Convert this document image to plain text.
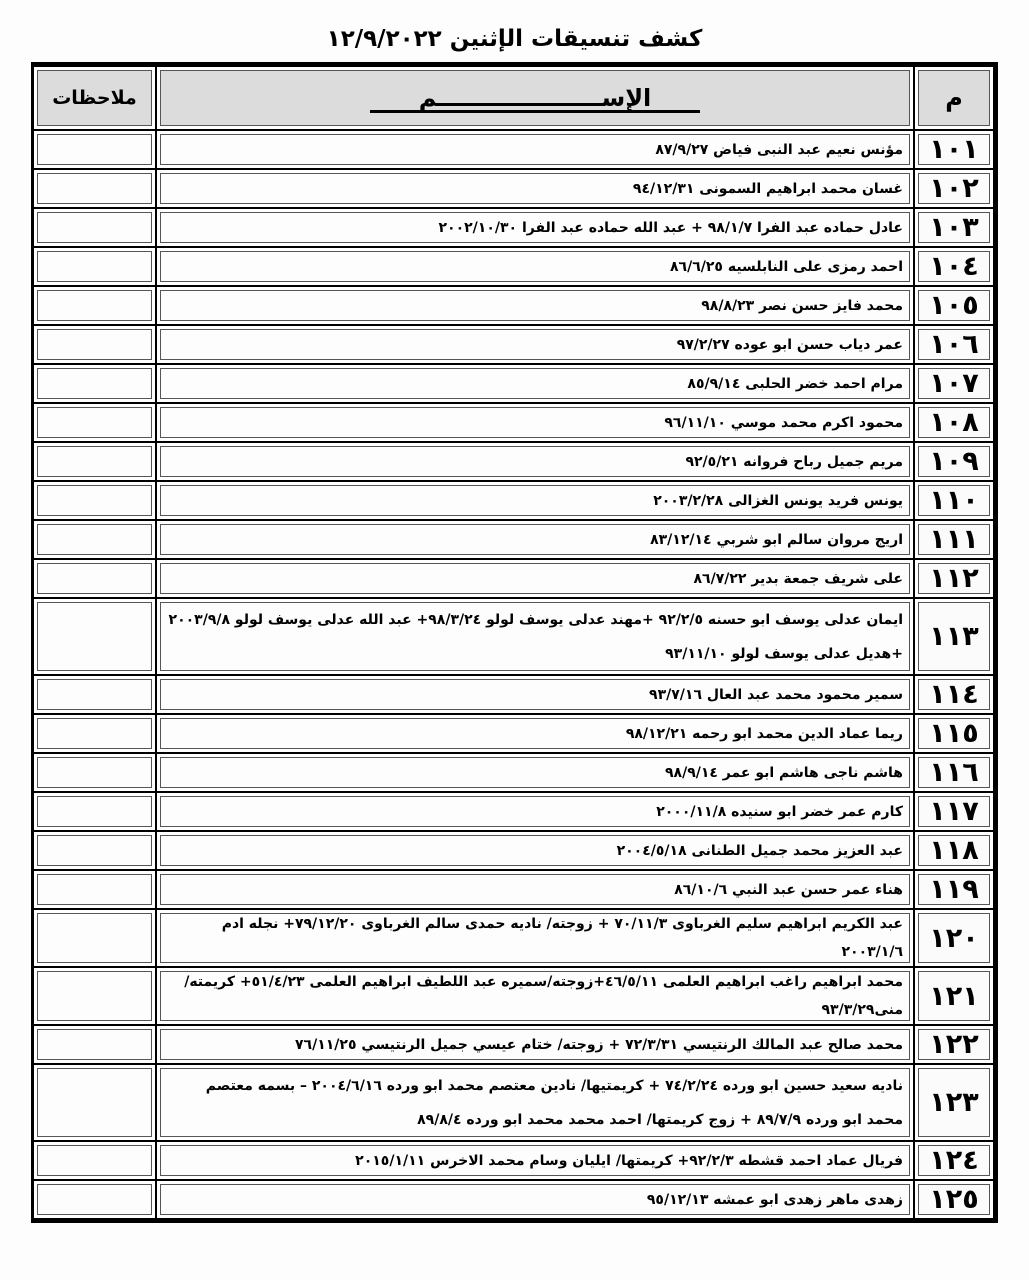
كشف تنسيقات الإثنين ١٢/٩/٢٠٢٢
م	الإســــــــــــــــــــم	ملاحظات
١٠١	مؤنس نعيم عبد النبى فياض ٨٧/٩/٢٧	
١٠٢	غسان محمد ابراهيم السمونى ٩٤/١٢/٣١	
١٠٣	عادل حماده عبد الفرا ٩٨/١/٧ + عبد الله حماده عبد الفرا ٢٠٠٢/١٠/٣٠	
١٠٤	احمد رمزى على النابلسيه ٨٦/٦/٢٥	
١٠٥	محمد فايز حسن نصر ٩٨/٨/٢٣	
١٠٦	عمر دياب حسن ابو عوده ٩٧/٢/٢٧	
١٠٧	مرام احمد خضر الحلبى ٨٥/٩/١٤	
١٠٨	محمود اكرم محمد موسي ٩٦/١١/١٠	
١٠٩	مريم جميل رباح فروانه ٩٢/٥/٢١	
١١٠	يونس فريد يونس الغزالى ٢٠٠٣/٢/٢٨	
١١١	اريج مروان سالم ابو شربي ٨٣/١٢/١٤	
١١٢	على شريف جمعة بدير ٨٦/٧/٢٢	
١١٣	ايمان عدلى يوسف ابو حسنه ٩٢/٢/٥ +مهند عدلى يوسف لولو ٩٨/٣/٢٤+ عبد الله عدلى يوسف لولو ٢٠٠٣/٩/٨ +هديل عدلى يوسف لولو ٩٣/١١/١٠	
١١٤	سمير محمود محمد عبد العال ٩٣/٧/١٦	
١١٥	ريما عماد الدين محمد ابو رحمه ٩٨/١٢/٢١	
١١٦	هاشم ناجى هاشم ابو عمر ٩٨/٩/١٤	
١١٧	كارم عمر خضر ابو سنيده ٢٠٠٠/١١/٨	
١١٨	عبد العزيز محمد جميل الطنانى ٢٠٠٤/٥/١٨	
١١٩	هناء عمر حسن عبد النبي ٨٦/١٠/٦	
١٢٠	عبد الكريم ابراهيم سليم الغرباوى ٧٠/١١/٣ + زوجته/ ناديه حمدى سالم الغرباوى ٧٩/١٢/٢٠+ نجله ادم ٢٠٠٣/١/٦	
١٢١	محمد ابراهيم راغب ابراهيم العلمى ٤٦/٥/١١+زوجته/سميره عبد اللطيف ابراهيم العلمى ٥١/٤/٢٣+ كريمته/منى٩٣/٣/٢٩	
١٢٢	محمد صالح عبد المالك الرنتيسي ٧٢/٣/٣١ + زوجته/ ختام عيسي جميل الرنتيسي ٧٦/١١/٢٥	
١٢٣	ناديه سعيد حسين ابو ورده ٧٤/٢/٢٤ + كريمتيها/ نادين معتصم محمد ابو ورده ٢٠٠٤/٦/١٦ – بسمه معتصم محمد ابو ورده ٨٩/٧/٩ + زوج كريمتها/ احمد محمد محمد ابو ورده ٨٩/٨/٤	
١٢٤	فريال عماد احمد قشطه ٩٢/٢/٣+ كريمتها/ ايليان وسام محمد الاخرس ٢٠١٥/١/١١	
١٢٥	زهدى ماهر زهدى ابو عمشه ٩٥/١٢/١٣	
